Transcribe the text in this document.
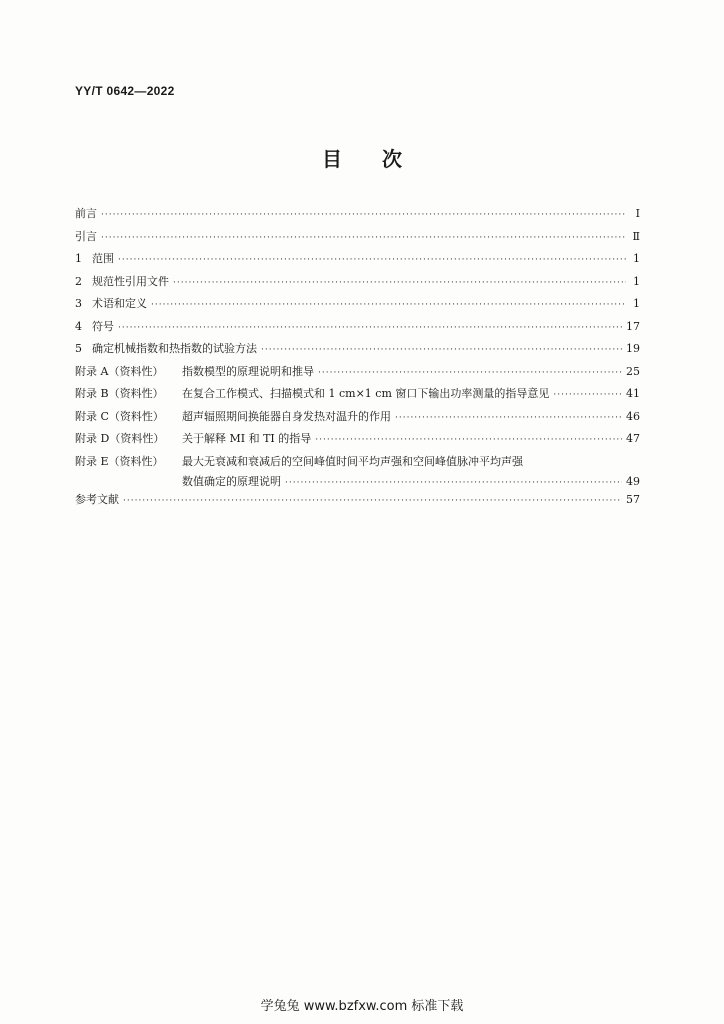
YY/T 0642—2022
目 次
前言 ·····	Ⅰ
引言 ·····	Ⅱ
1 范围 ·····	1
2 规范性引用文件 ·····	1
3 术语和定义 ·····	1
4 符号 ·····	17
5 确定机械指数和热指数的试验方法 ·····	19
附录 A（资料性） 指数模型的原理说明和推导 ·····	25
附录 B（资料性） 在复合工作模式、扫描模式和 1 cm×1 cm 窗口下输出功率测量的指导意见 ·····	41
附录 C（资料性） 超声辐照期间换能器自身发热对温升的作用 ·····	46
附录 D（资料性） 关于解释 MI 和 TI 的指导 ·····	47
附录 E（资料性） 最大无衰减和衰减后的空间峰值时间平均声强和空间峰值脉冲平均声强
数值确定的原理说明 ·····	49
参考文献 ·····	57
学兔兔 www.bzfxw.com 标准下载
